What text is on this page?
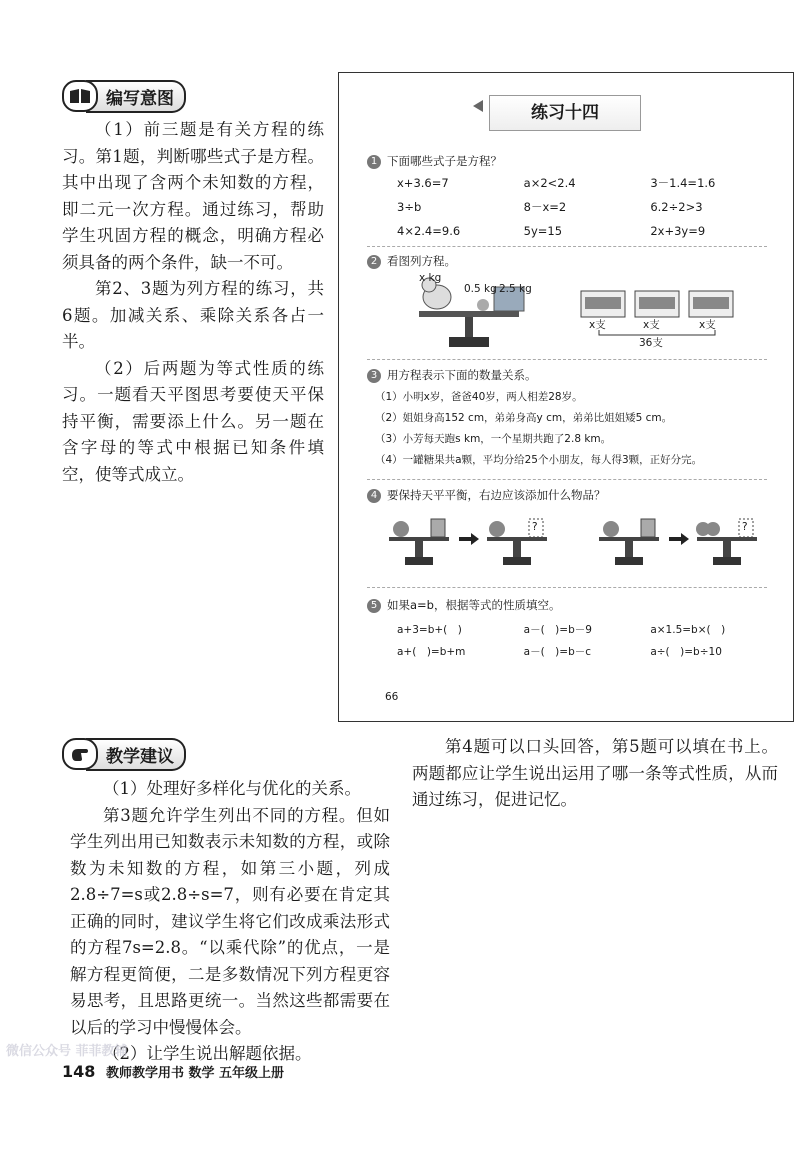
编写意图

（1）前三题是有关方程的练习。第1题，判断哪些式子是方程。其中出现了含两个未知数的方程，即二元一次方程。通过练习，帮助学生巩固方程的概念，明确方程必须具备的两个条件，缺一不可。

第2、3题为列方程的练习，共6题。加减关系、乘除关系各占一半。

（2）后两题为等式性质的练习。一题看天平图思考要使天平保持平衡，需要添上什么。另一题在含字母的等式中根据已知条件填空，使等式成立。

练习十四
1 下面哪些式子是方程？
x+3.6=7	a×2<2.4	3－1.4=1.6
3÷b	8－x=2	6.2÷2>3
4×2.4=9.6	5y=15	2x+3y=9
2 看图列方程。
x kg
0.5 kg 2.5 kg
x支	x支	x支
36支
3 用方程表示下面的数量关系。
（1）小明x岁，爸爸40岁，两人相差28岁。
（2）姐姐身高152 cm，弟弟身高y cm，弟弟比姐姐矮5 cm。
（3）小芳每天跑s km，一个星期共跑了2.8 km。
（4）一罐糖果共a颗，平均分给25个小朋友，每人得3颗，正好分完。
4 要保持天平平衡，右边应该添加什么物品？
?	?
5 如果a=b，根据等式的性质填空。
a+3=b+(　)	a－(　)=b－9	a×1.5=b×(　)
a+(　)=b+m	a－(　)=b－c	a÷(　)=b÷10
66

第4题可以口头回答，第5题可以填在书上。两题都应让学生说出运用了哪一条等式性质，从而通过练习，促进记忆。

教学建议

（1）处理好多样化与优化的关系。

第3题允许学生列出不同的方程。但如学生列出用已知数表示未知数的方程，或除数为未知数的方程，如第三小题，列成2.8÷7=s或2.8÷s=7，则有必要在肯定其正确的同时，建议学生将它们改成乘法形式的方程7s=2.8。“以乘代除”的优点，一是解方程更简便，二是多数情况下列方程更容易思考，且思路更统一。当然这些都需要在以后的学习中慢慢体会。

（2）让学生说出解题依据。

148 教师教学用书 数学 五年级上册
微信公众号 菲菲教辅
